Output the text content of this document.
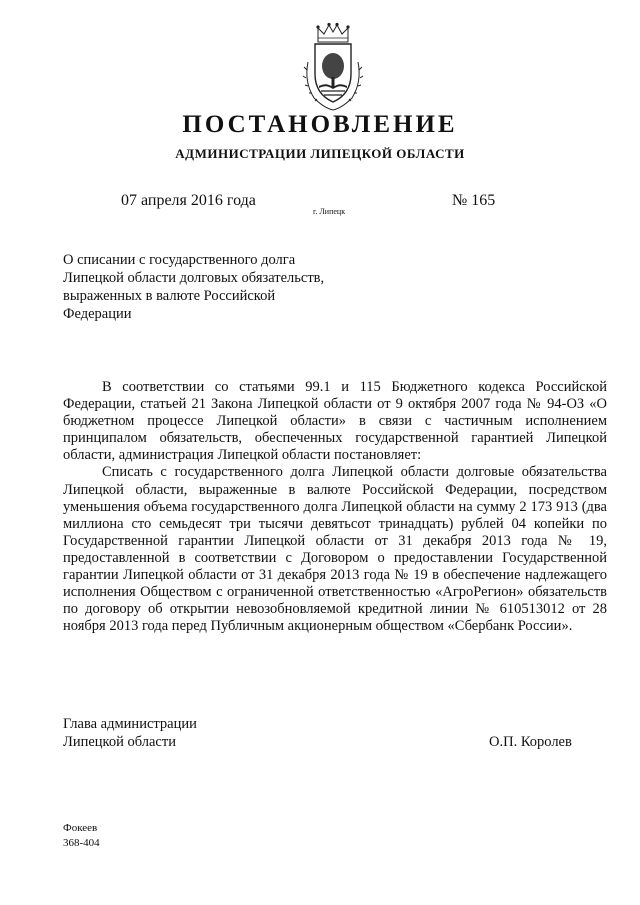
ПОСТАНОВЛЕНИЕ
АДМИНИСТРАЦИИ ЛИПЕЦКОЙ ОБЛАСТИ
07 апреля 2016 года
г. Липецк
№ 165
О списании с государственного долга
Липецкой области долговых обязательств,
выраженных в валюте Российской
Федерации

В соответствии со статьями 99.1 и 115 Бюджетного кодекса Российской Федерации, статьей 21 Закона Липецкой области от 9 октября 2007 года № 94-ОЗ «О бюджетном процессе Липецкой области» в связи с частичным исполнением принципалом обязательств, обеспеченных государственной гарантией Липецкой области, администрация Липецкой области постановляет:

Списать с государственного долга Липецкой области долговые обязательства Липецкой области, выраженные в валюте Российской Федерации, посредством уменьшения объема государственного долга Липецкой области на сумму 2 173 913 (два миллиона сто семьдесят три тысячи девятьсот тринадцать) рублей 04 копейки по Государственной гарантии Липецкой области от 31 декабря 2013 года № 19, предоставленной в соответствии с Договором о предоставлении Государственной гарантии Липецкой области от 31 декабря 2013 года № 19 в обеспечение надлежащего исполнения Обществом с ограниченной ответственностью «АгроРегион» обязательств по договору об открытии невозобновляемой кредитной линии № 610513012 от 28 ноября 2013 года перед Публичным акционерным обществом «Сбербанк России».

Глава администрации
Липецкой области	О.П. Королев
Фокеев
368-404
